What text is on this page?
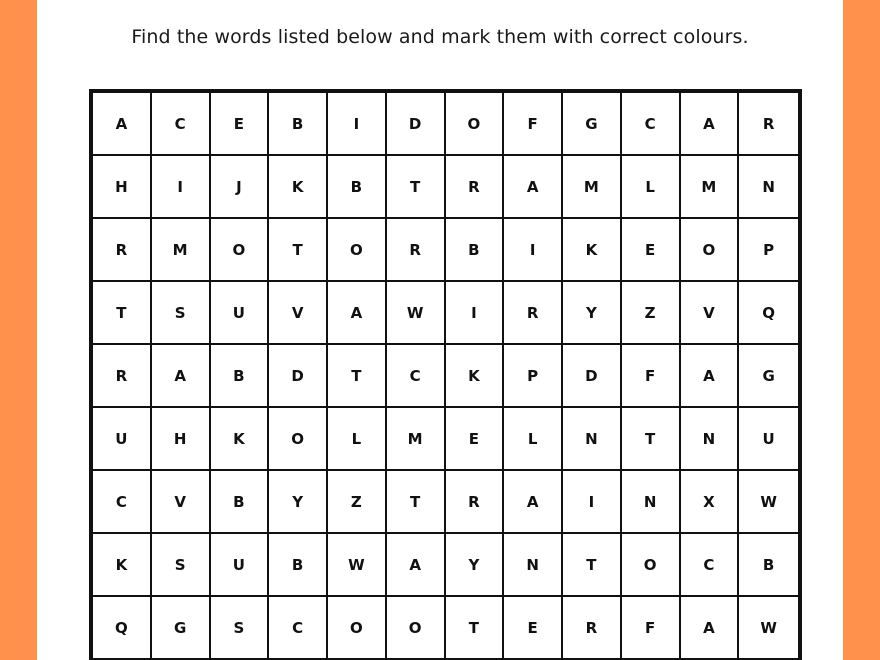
Find the words listed below and mark them with correct colours.

A	C	E	B	I	D	O	F	G	C	A	R
H	I	J	K	B	T	R	A	M	L	M	N
R	M	O	T	O	R	B	I	K	E	O	P
T	S	U	V	A	W	I	R	Y	Z	V	Q
R	A	B	D	T	C	K	P	D	F	A	G
U	H	K	O	L	M	E	L	N	T	N	U
C	V	B	Y	Z	T	R	A	I	N	X	W
K	S	U	B	W	A	Y	N	T	O	C	B
Q	G	S	C	O	O	T	E	R	F	A	W
